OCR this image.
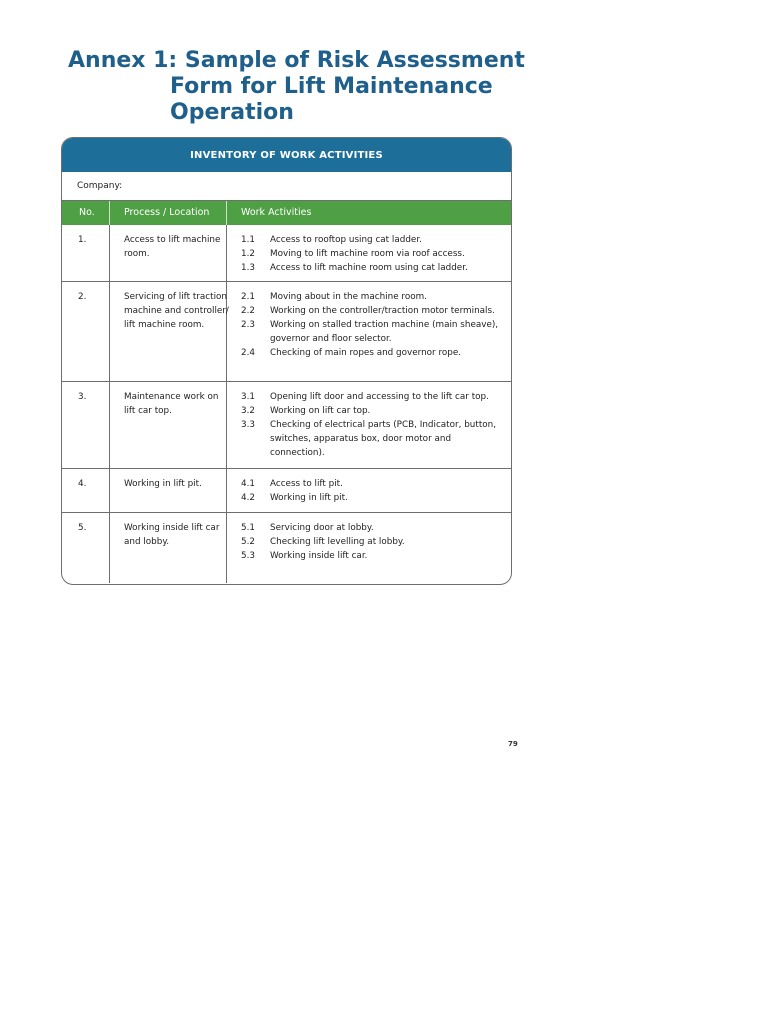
Annex 1: Sample of Risk Assessment
Form for Lift Maintenance
Operation
INVENTORY OF WORK ACTIVITIES
Company:
No.	Process / Location	Work Activities
1.	Access to lift machine room.
1.1	Access to rooftop using cat ladder.
1.2	Moving to lift machine room via roof access.
1.3	Access to lift machine room using cat ladder.
2.	Servicing of lift traction machine and controller/ lift machine room.
2.1	Moving about in the machine room.
2.2	Working on the controller/traction motor terminals.
2.3	Working on stalled traction machine (main sheave), governor and floor selector.
2.4	Checking of main ropes and governor rope.
3.	Maintenance work on lift car top.
3.1	Opening lift door and accessing to the lift car top.
3.2	Working on lift car top.
3.3	Checking of electrical parts (PCB, Indicator, button, switches, apparatus box, door motor and connection).
4.	Working in lift pit.	4.1	Access to lift pit.
4.2	Working in lift pit.
5.	Working inside lift car and lobby.
5.1	Servicing door at lobby.
5.2	Checking lift levelling at lobby.
5.3	Working inside lift car.
79
